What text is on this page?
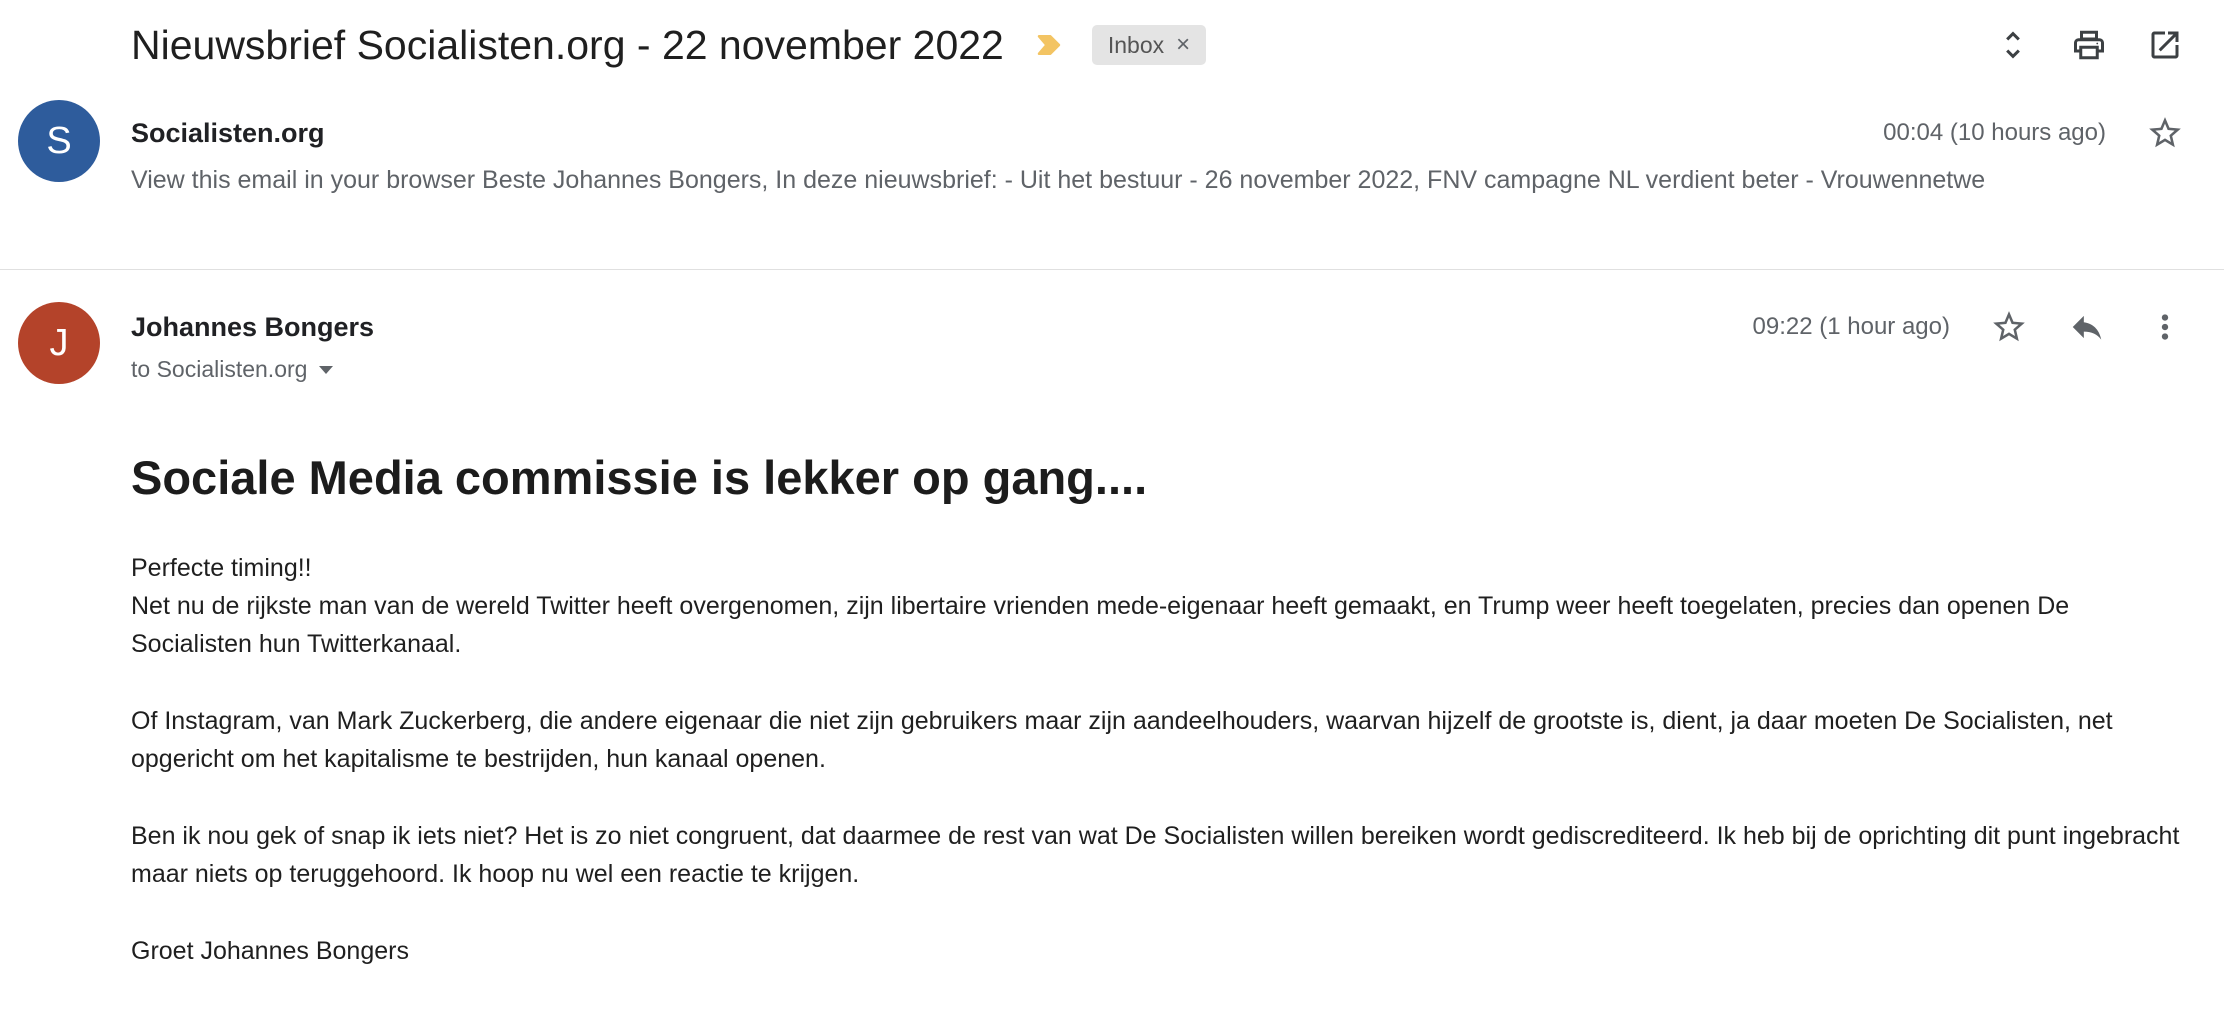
Nieuwsbrief Socialisten.org - 22 november 2022	Inbox ×
S	Socialisten.org	00:04 (10 hours ago)
View this email in your browser Beste Johannes Bongers, In deze nieuwsbrief: - Uit het bestuur - 26 november 2022, FNV campagne NL verdient beter - Vrouwennetwe
J	Johannes Bongers	09:22 (1 hour ago)
to Socialisten.org
Sociale Media commissie is lekker op gang....

Perfecte timing!!
Net nu de rijkste man van de wereld Twitter heeft overgenomen, zijn libertaire vrienden mede-eigenaar heeft gemaakt, en Trump weer heeft toegelaten, precies dan openen De Socialisten hun Twitterkanaal.

Of Instagram, van Mark Zuckerberg, die andere eigenaar die niet zijn gebruikers maar zijn aandeelhouders, waarvan hijzelf de grootste is, dient, ja daar moeten De Socialisten, net opgericht om het kapitalisme te bestrijden, hun kanaal openen.

Ben ik nou gek of snap ik iets niet? Het is zo niet congruent, dat daarmee de rest van wat De Socialisten willen bereiken wordt gediscrediteerd. Ik heb bij de oprichting dit punt ingebracht maar niets op teruggehoord. Ik hoop nu wel een reactie te krijgen.

Groet Johannes Bongers
